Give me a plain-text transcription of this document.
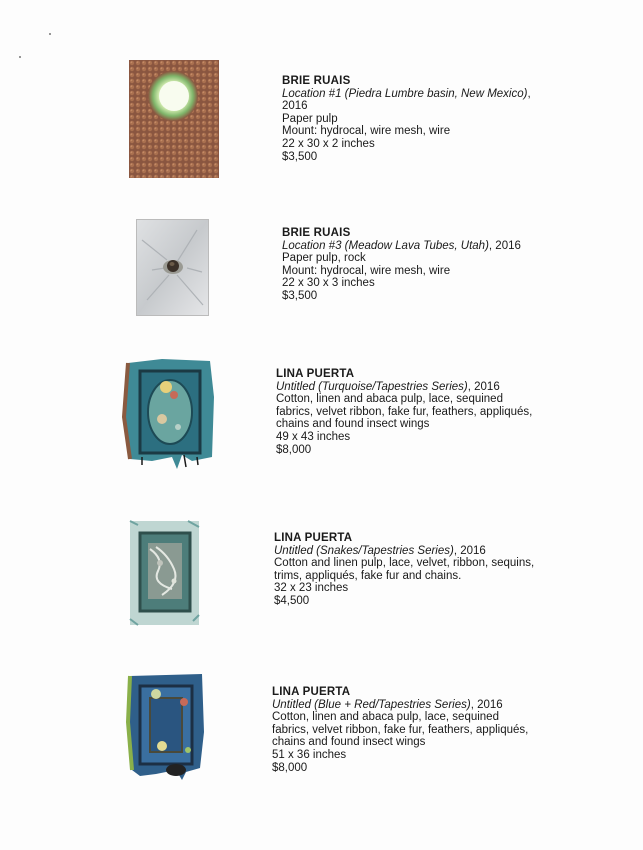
BRIE RUAIS
Location #1 (Piedra Lumbre basin, New Mexico),
2016
Paper pulp
Mount: hydrocal, wire mesh, wire
22 x 30 x 2 inches
$3,500
BRIE RUAIS
Location #3 (Meadow Lava Tubes, Utah), 2016
Paper pulp, rock
Mount: hydrocal, wire mesh, wire
22 x 30 x 3 inches
$3,500
LINA PUERTA
Untitled (Turquoise/Tapestries Series), 2016
Cotton, linen and abaca pulp, lace, sequined
fabrics, velvet ribbon, fake fur, feathers, appliqués,
chains and found insect wings
49 x 43 inches
$8,000
LINA PUERTA
Untitled (Snakes/Tapestries Series), 2016
Cotton and linen pulp, lace, velvet, ribbon, sequins,
trims, appliqués, fake fur and chains.
32 x 23 inches
$4,500
LINA PUERTA
Untitled (Blue + Red/Tapestries Series), 2016
Cotton, linen and abaca pulp, lace, sequined
fabrics, velvet ribbon, fake fur, feathers, appliqués,
chains and found insect wings
51 x 36 inches
$8,000
